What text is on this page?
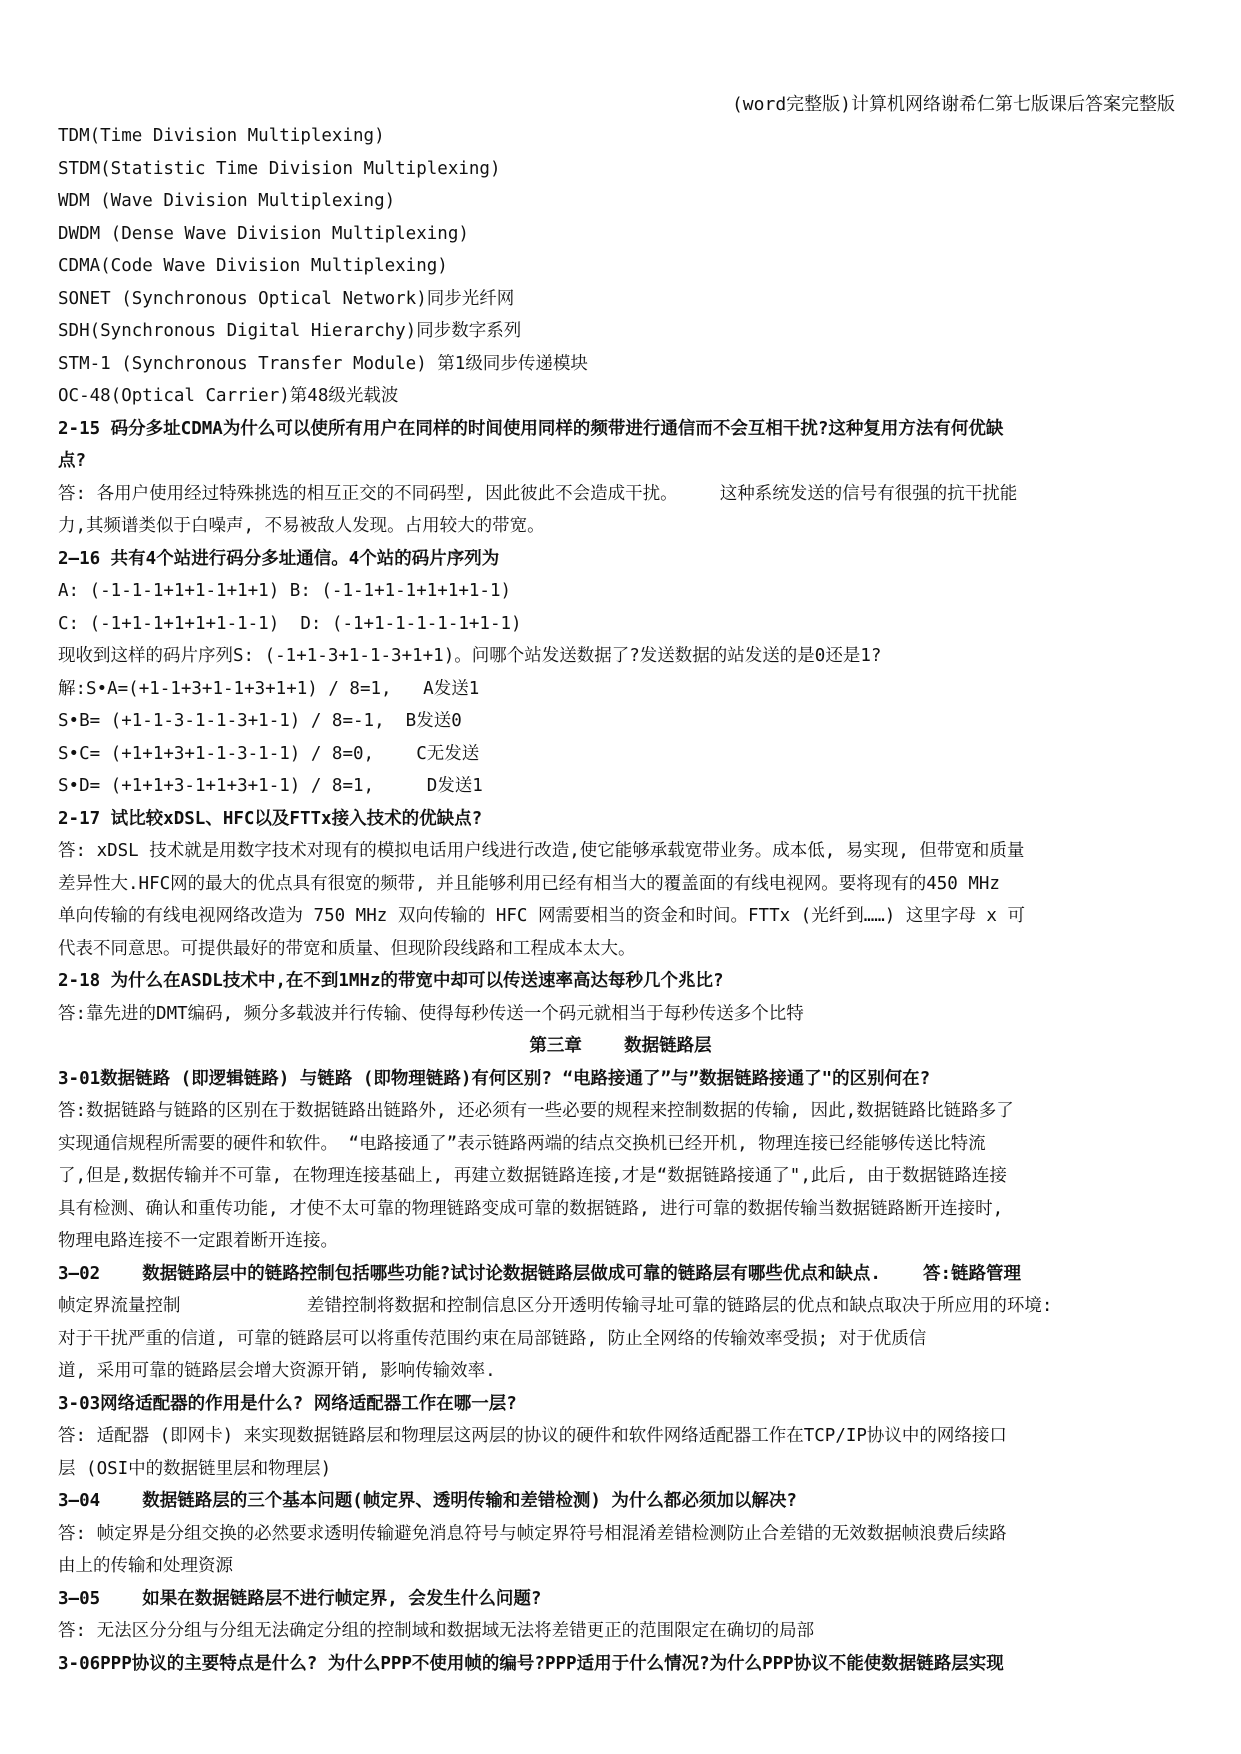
(word完整版)计算机网络谢希仁第七版课后答案完整版
TDM(Time Division Multiplexing)
STDM(Statistic Time Division Multiplexing)
WDM (Wave Division Multiplexing)
DWDM (Dense Wave Division Multiplexing)
CDMA(Code Wave Division Multiplexing)
SONET (Synchronous Optical Network)同步光纤网
SDH(Synchronous Digital Hierarchy)同步数字系列
STM-1 (Synchronous Transfer Module) 第1级同步传递模块
OC-48(Optical Carrier)第48级光载波
2-15 码分多址CDMA为什么可以使所有用户在同样的时间使用同样的频带进行通信而不会互相干扰?这种复用方法有何优缺
点?
答: 各用户使用经过特殊挑选的相互正交的不同码型, 因此彼此不会造成干扰。    这种系统发送的信号有很强的抗干扰能
力,其频谱类似于白噪声, 不易被敌人发现。占用较大的带宽。
2—16 共有4个站进行码分多址通信。4个站的码片序列为
A: (-1-1-1+1+1-1+1+1) B: (-1-1+1-1+1+1+1-1)
C: (-1+1-1+1+1+1-1-1)  D: (-1+1-1-1-1-1+1-1)
现收到这样的码片序列S: (-1+1-3+1-1-3+1+1)。问哪个站发送数据了?发送数据的站发送的是0还是1?
解:S•A=(+1-1+3+1-1+3+1+1) / 8=1,   A发送1
S•B= (+1-1-3-1-1-3+1-1) / 8=-1,  B发送0
S•C= (+1+1+3+1-1-3-1-1) / 8=0,    C无发送
S•D= (+1+1+3-1+1+3+1-1) / 8=1,     D发送1
2-17 试比较xDSL、HFC以及FTTx接入技术的优缺点?
答: xDSL 技术就是用数字技术对现有的模拟电话用户线进行改造,使它能够承载宽带业务。成本低, 易实现, 但带宽和质量
差异性大.HFC网的最大的优点具有很宽的频带, 并且能够利用已经有相当大的覆盖面的有线电视网。要将现有的450 MHz
单向传输的有线电视网络改造为 750 MHz 双向传输的 HFC 网需要相当的资金和时间。FTTx (光纤到……) 这里字母 x 可
代表不同意思。可提供最好的带宽和质量、但现阶段线路和工程成本太大。
2-18 为什么在ASDL技术中,在不到1MHz的带宽中却可以传送速率高达每秒几个兆比?
答:靠先进的DMT编码, 频分多载波并行传输、使得每秒传送一个码元就相当于每秒传送多个比特
第三章    数据链路层
3-01数据链路 (即逻辑链路) 与链路 (即物理链路)有何区别? “电路接通了”与”数据链路接通了"的区别何在?
答:数据链路与链路的区别在于数据链路出链路外, 还必须有一些必要的规程来控制数据的传输, 因此,数据链路比链路多了
实现通信规程所需要的硬件和软件。 “电路接通了”表示链路两端的结点交换机已经开机, 物理连接已经能够传送比特流
了,但是,数据传输并不可靠, 在物理连接基础上, 再建立数据链路连接,才是“数据链路接通了",此后, 由于数据链路连接
具有检测、确认和重传功能, 才使不太可靠的物理链路变成可靠的数据链路, 进行可靠的数据传输当数据链路断开连接时,
物理电路连接不一定跟着断开连接。
3—02    数据链路层中的链路控制包括哪些功能?试讨论数据链路层做成可靠的链路层有哪些优点和缺点.    答:链路管理
帧定界流量控制            差错控制将数据和控制信息区分开透明传输寻址可靠的链路层的优点和缺点取决于所应用的环境:
对于干扰严重的信道, 可靠的链路层可以将重传范围约束在局部链路, 防止全网络的传输效率受损; 对于优质信
道, 采用可靠的链路层会增大资源开销, 影响传输效率.
3-03网络适配器的作用是什么? 网络适配器工作在哪一层?
答: 适配器 (即网卡) 来实现数据链路层和物理层这两层的协议的硬件和软件网络适配器工作在TCP/IP协议中的网络接口
层 (OSI中的数据链里层和物理层)
3—04    数据链路层的三个基本问题(帧定界、透明传输和差错检测) 为什么都必须加以解决?
答: 帧定界是分组交换的必然要求透明传输避免消息符号与帧定界符号相混淆差错检测防止合差错的无效数据帧浪费后续路
由上的传输和处理资源
3—05    如果在数据链路层不进行帧定界, 会发生什么问题?
答: 无法区分分组与分组无法确定分组的控制域和数据域无法将差错更正的范围限定在确切的局部
3-06PPP协议的主要特点是什么? 为什么PPP不使用帧的编号?PPP适用于什么情况?为什么PPP协议不能使数据链路层实现
